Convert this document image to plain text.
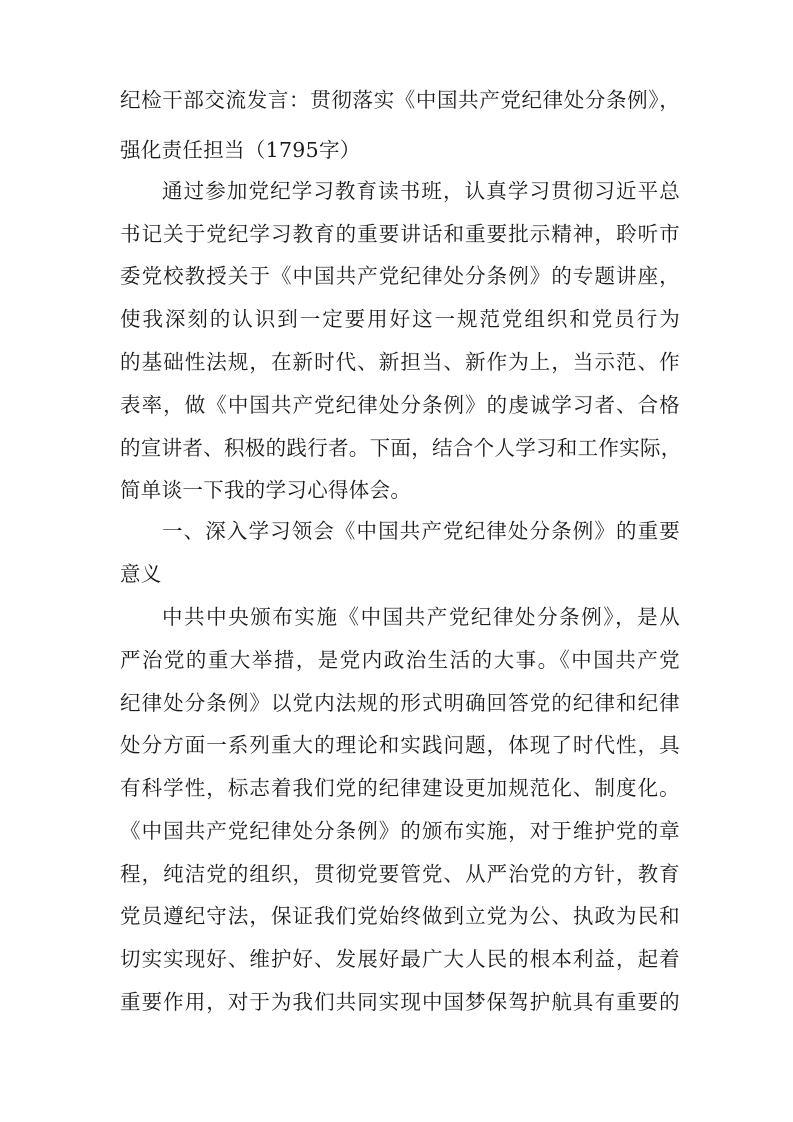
纪检干部交流发言：贯彻落实《中国共产党纪律处分条例》，
强化责任担当（1795字）
通过参加党纪学习教育读书班，认真学习贯彻习近平总
书记关于党纪学习教育的重要讲话和重要批示精神，聆听市
委党校教授关于《中国共产党纪律处分条例》的专题讲座，
使我深刻的认识到一定要用好这一规范党组织和党员行为
的基础性法规，在新时代、新担当、新作为上，当示范、作
表率，做《中国共产党纪律处分条例》的虔诚学习者、合格
的宣讲者、积极的践行者。下面，结合个人学习和工作实际，
简单谈一下我的学习心得体会。
一、深入学习领会《中国共产党纪律处分条例》的重要
意义
中共中央颁布实施《中国共产党纪律处分条例》，是从
严治党的重大举措，是党内政治生活的大事。《中国共产党
纪律处分条例》以党内法规的形式明确回答党的纪律和纪律
处分方面一系列重大的理论和实践问题，体现了时代性，具
有科学性，标志着我们党的纪律建设更加规范化、制度化。
《中国共产党纪律处分条例》的颁布实施，对于维护党的章
程，纯洁党的组织，贯彻党要管党、从严治党的方针，教育
党员遵纪守法，保证我们党始终做到立党为公、执政为民和
切实实现好、维护好、发展好最广大人民的根本利益，起着
重要作用，对于为我们共同实现中国梦保驾护航具有重要的
